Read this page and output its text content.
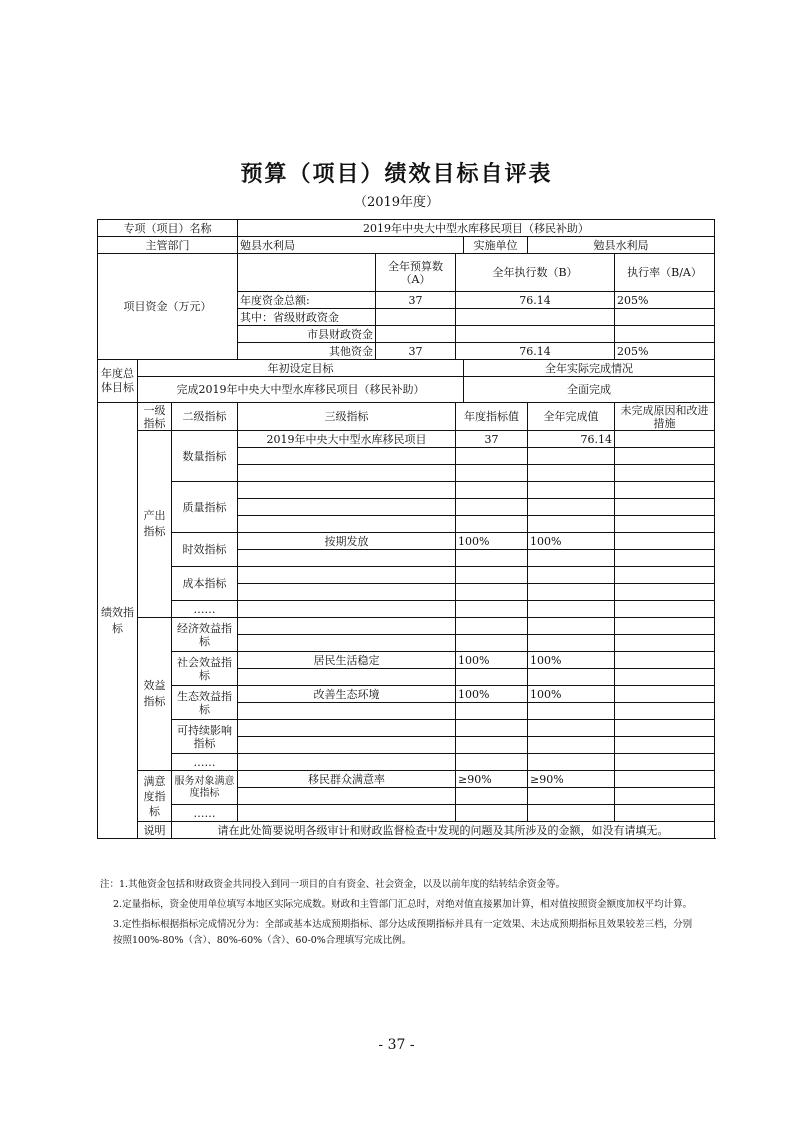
预算（项目）绩效目标自评表
（2019年度）
专项（项目）名称			2019年中央大中型水库移民项目（移民补助）					
主管部门			勉县水利局			实施单位	勉县水利局	
项目资金（万元）				全年预算数（A）	全年执行数（B）			执行率（B/A）
			年度资金总额:	37	76.14			205%
			其中：省级财政资金					
			市县财政资金					
			其他资金	37	76.14			205%
年度总体目标	年初设定目标					全年实际完成情况		
	完成2019年中央大中型水库移民项目（移民补助）					全面完成		
绩效指标	一级指标	二级指标	三级指标		年度指标值		全年完成值	未完成原因和改进措施
	产出指标	数量指标	2019年中央大中型水库移民项目		37		76.14	

		质量指标						

		时效指标	按期发放		100%		100%	

		成本指标						

		……						
	效益指标	经济效益指标						

		社会效益指标	居民生活稳定		100%		100%	

		生态效益指标	改善生态环境		100%		100%	

		可持续影响指标						

		……						
	满意度指标	服务对象满意度指标	移民群众满意率		≥90%		≥90%	

		……						
	说明	请在此处简要说明各级审计和财政监督检查中发现的问题及其所涉及的金额，如没有请填无。						

注：1.其他资金包括和财政资金共同投入到同一项目的自有资金、社会资金，以及以前年度的结转结余资金等。

2.定量指标，资金使用单位填写本地区实际完成数。财政和主管部门汇总时，对绝对值直接累加计算，相对值按照资金额度加权平均计算。

3.定性指标根据指标完成情况分为：全部或基本达成预期指标、部分达成预期指标并具有一定效果、未达成预期指标且效果较差三档，分别按照100%-80%（含）、80%-60%（含）、60-0%合理填写完成比例。

- 37 -
